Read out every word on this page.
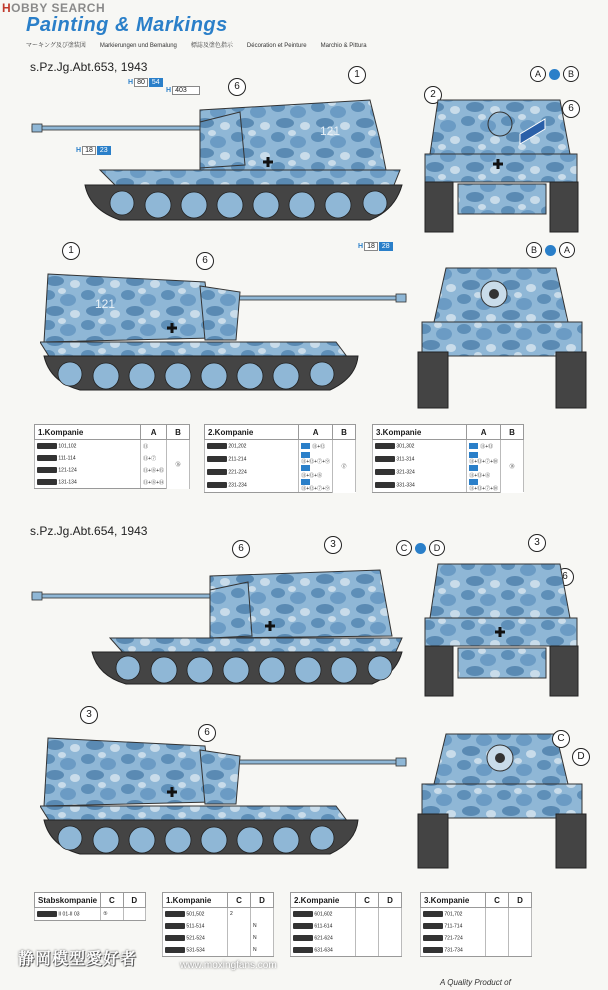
HOBBY SEARCH
Painting & Markings
マーキング及び塗装図 Markierungen und Bemalung 標誌及塗色指示 Décoration et Peinture Marchio & Pittura
s.Pz.Jg.Abt.653, 1943
H 80	54
H 403
H 18	23
H 18	28
121
1
6
2
6
A	B
121
1
6
B	A
1.Kompanie	A	B
101,102	⑪	⑯
111-114	⑪+⑦	
121-124	⑪+⑧+⑮	
131-134	⑪+⑧+⑭	
2.Kompanie	A	B
201,202	⑪+⑫	⑰
211-214	⑪+⑫+⑦+⑨	
221-224	⑪+⑫+⑧	
231-234	⑪+⑫+⑦+⑨	
3.Kompanie	A	B
301,302	⑪+⑬	⑱
311-314	⑪+⑬+⑦+⑩	
321-324	⑪+⑬+⑧	
331-334	⑪+⑬+⑦+⑩	
s.Pz.Jg.Abt.654, 1943
6	3	C	D	3
6
3
6
C
D
Stabskompanie	C	D
II 01-II 03	⑤	
1.Kompanie	C	D
501,502	2	
511-514		N
521-524		N
531-534		N
2.Kompanie	C	D
601,602		
611-614		
621-624		
631-634		
3.Kompanie	C	D
701,702		
711-714		
721-724		
731-734		
静岡模型愛好者	www.moxingfans.com
A Quality Product of
